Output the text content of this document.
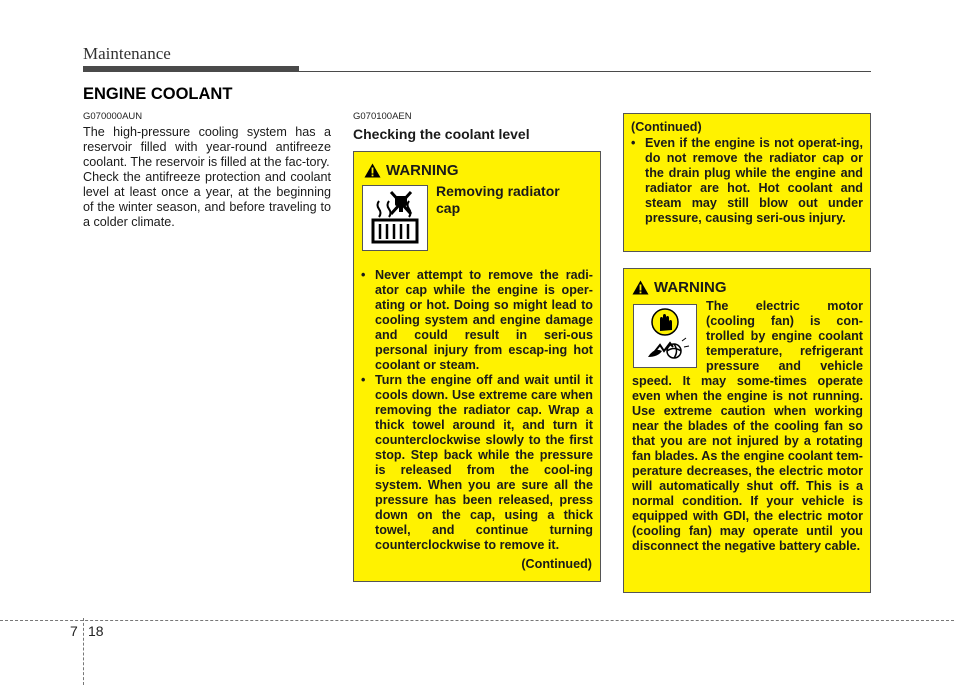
Maintenance
ENGINE COOLANT
G070000AUN

The high-pressure cooling system has a reservoir filled with year-round antifreeze coolant. The reservoir is filled at the fac-tory.

Check the antifreeze protection and coolant level at least once a year, at the beginning of the winter season, and before traveling to a colder climate.

G070100AEN
Checking the coolant level
WARNING
Removing radiator cap
• Never attempt to remove the radi-ator cap while the engine is oper-ating or hot. Doing so might lead to cooling system and engine damage and could result in seri-ous personal injury from escap-ing hot coolant or steam.
• Turn the engine off and wait until it cools down. Use extreme care when removing the radiator cap. Wrap a thick towel around it, and turn it counterclockwise slowly to the first stop. Step back while the pressure is released from the cool-ing system. When you are sure all the pressure has been released, press down on the cap, using a thick towel, and continue turning counterclockwise to remove it.
(Continued)
(Continued)
• Even if the engine is not operat-ing, do not remove the radiator cap or the drain plug while the engine and radiator are hot. Hot coolant and steam may still blow out under pressure, causing seri-ous injury.
WARNING
The electric motor (cooling fan) is con-trolled by engine coolant temperature, refrigerant pressure and vehicle speed. It may some-times operate even when the engine is not running. Use extreme caution when working near the blades of the cooling fan so that you are not injured by a rotating fan blades. As the engine coolant tem-perature decreases, the electric motor will automatically shut off. This is a normal condition. If your vehicle is equipped with GDI, the electric motor (cooling fan) may operate until you disconnect the negative battery cable.
7 18
